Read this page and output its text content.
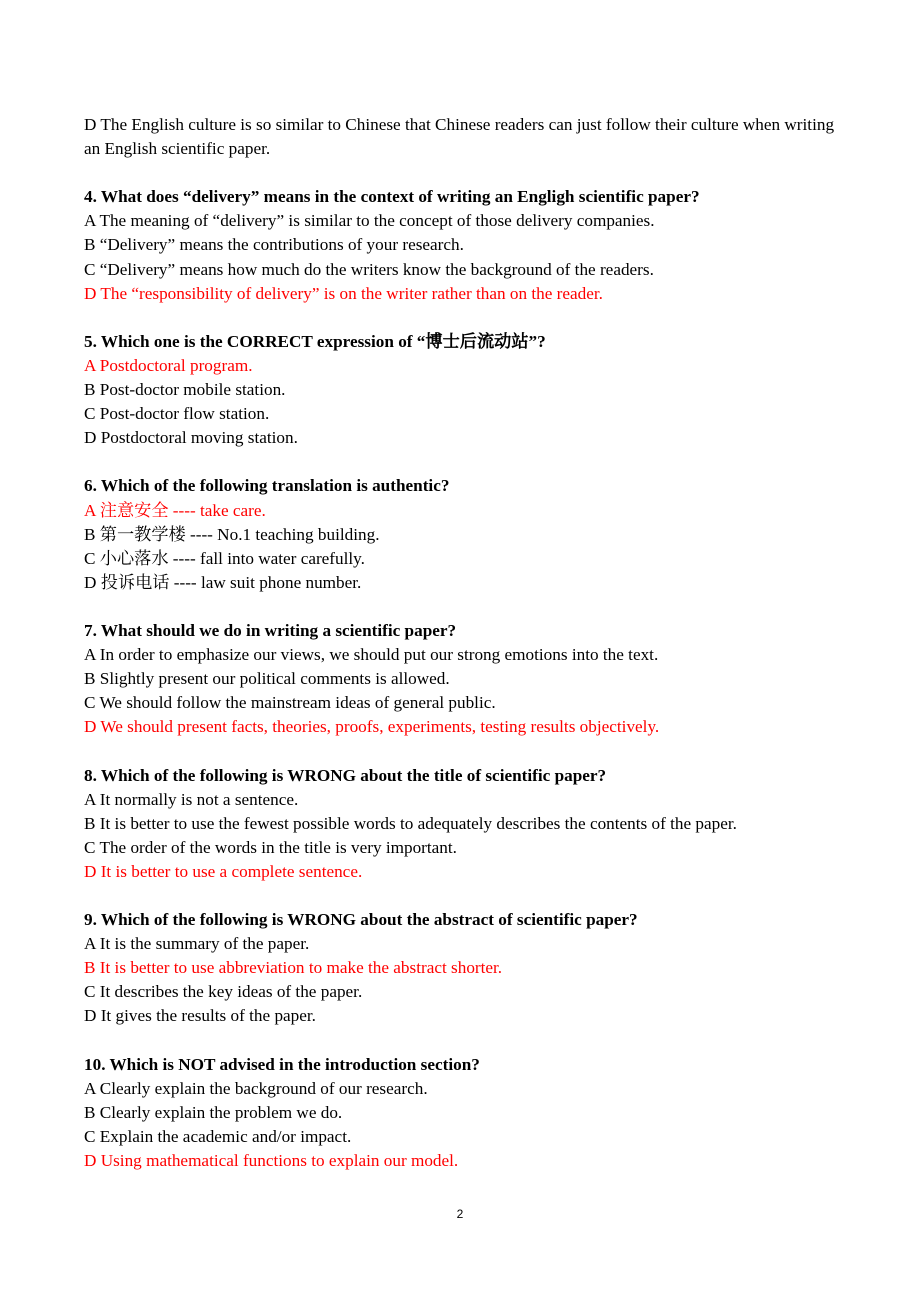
D The English culture is so similar to Chinese that Chinese readers can just follow their culture when writing an English scientific paper.
4. What does “delivery” means in the context of writing an Engligh scientific paper?
A The meaning of “delivery” is similar to the concept of those delivery companies.
B “Delivery” means the contributions of your research.
C “Delivery” means how much do the writers know the background of the readers.
D The “responsibility of delivery” is on the writer rather than on the reader.
5. Which one is the CORRECT expression of “博士后流动站”?
A Postdoctoral program.
B Post-doctor mobile station.
C Post-doctor flow station.
D Postdoctoral moving station.
6. Which of the following translation is authentic?
A 注意安全 ---- take care.
B 第一教学楼 ---- No.1 teaching building.
C 小心落水 ---- fall into water carefully.
D 投诉电话 ---- law suit phone number.
7. What should we do in writing a scientific paper?
A In order to emphasize our views, we should put our strong emotions into the text.
B Slightly present our political comments is allowed.
C We should follow the mainstream ideas of general public.
D We should present facts, theories, proofs, experiments, testing results objectively.
8. Which of the following is WRONG about the title of scientific paper?
A It normally is not a sentence.
B It is better to use the fewest possible words to adequately describes the contents of the paper.
C The order of the words in the title is very important.
D It is better to use a complete sentence.
9. Which of the following is WRONG about the abstract of scientific paper?
A It is the summary of the paper.
B It is better to use abbreviation to make the abstract shorter.
C It describes the key ideas of the paper.
D It gives the results of the paper.
10. Which is NOT advised in the introduction section?
A Clearly explain the background of our research.
B Clearly explain the problem we do.
C Explain the academic and/or impact.
D Using mathematical functions to explain our model.
2
